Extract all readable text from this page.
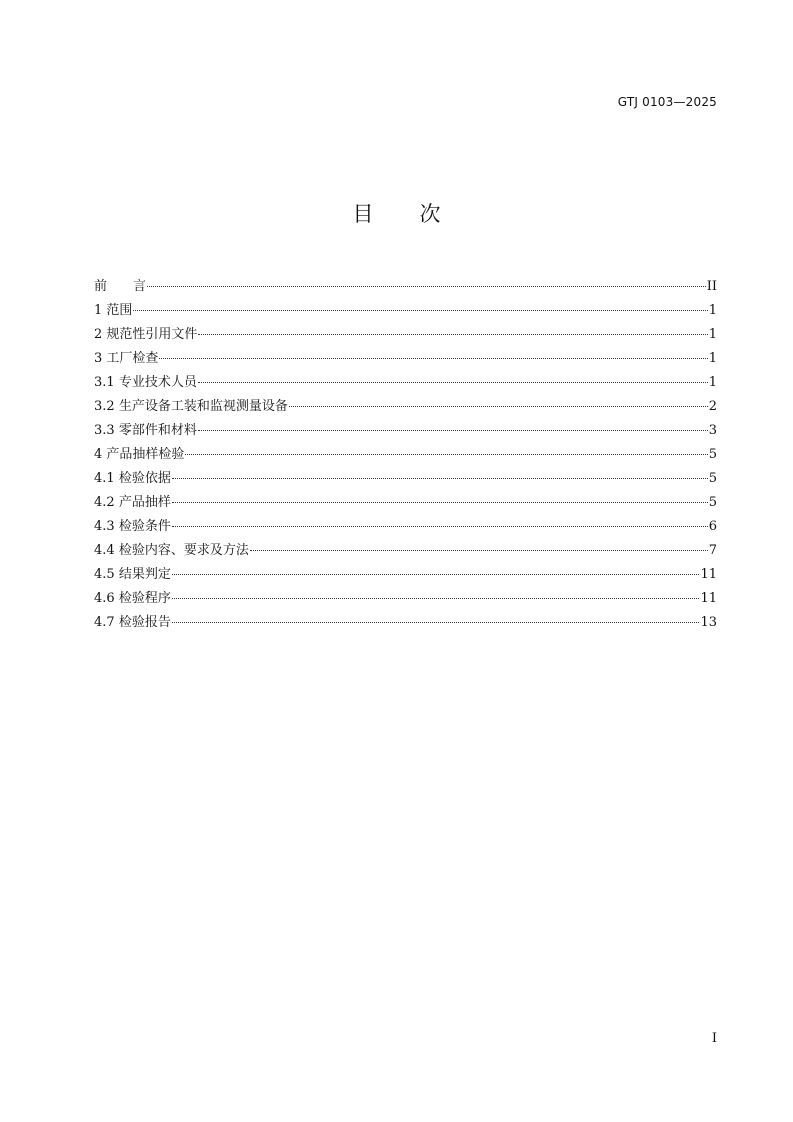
GTJ 0103—2025
目 次
前　　言	II
1 范围	1
2 规范性引用文件	1
3 工厂检查	1
3.1 专业技术人员	1
3.2 生产设备工装和监视测量设备	2
3.3 零部件和材料	3
4 产品抽样检验	5
4.1 检验依据	5
4.2 产品抽样	5
4.3 检验条件	6
4.4 检验内容、要求及方法	7
4.5 结果判定	11
4.6 检验程序	11
4.7 检验报告	13
I
